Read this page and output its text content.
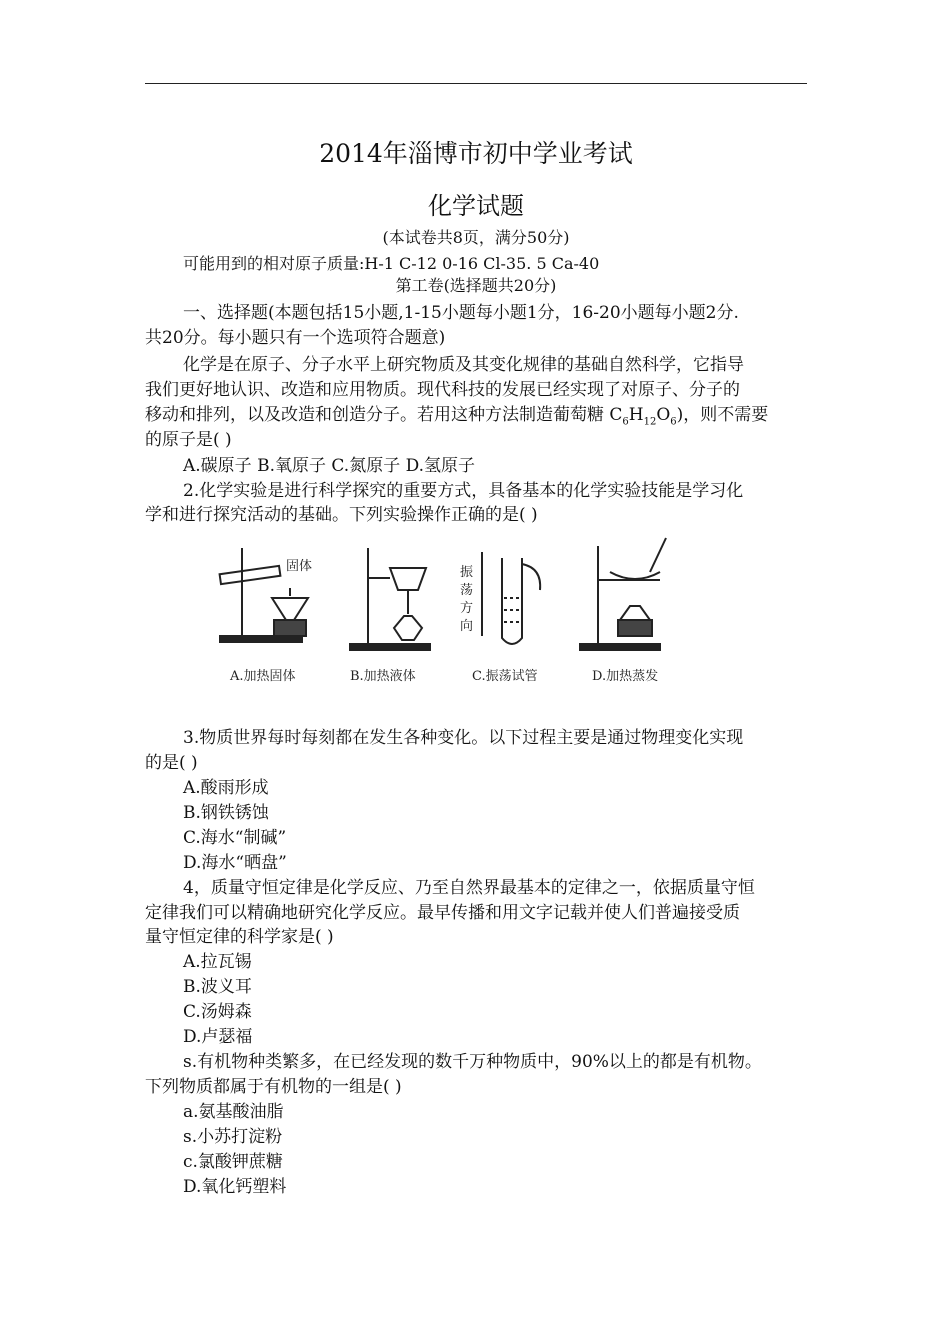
2014年淄博市初中学业考试
化学试题
(本试卷共8页，满分50分)
可能用到的相对原子质量:H-1 C-12 0-16 Cl-35. 5 Ca-40
第工卷(选择题共20分)
一、选择题(本题包括15小题,1-15小题每小题1分，16-20小题每小题2分.
共20分。每小题只有一个选项符合题意)
化学是在原子、分子水平上研究物质及其变化规律的基础自然科学，它指导
我们更好地认识、改造和应用物质。现代科技的发展已经实现了对原子、分子的
移动和排列，以及改造和创造分子。若用这种方法制造葡萄糖 $C_6H_{12}O_6$)，则不需要
的原子是( )
A.碳原子 B.氧原子 C.氮原子 D.氢原子
2.化学实验是进行科学探究的重要方式，具备基本的化学实验技能是学习化
学和进行探究活动的基础。下列实验操作正确的是( )
固体	振
荡
方
向
A.加热固体	B.加热液体	C.振荡试管	D.加热蒸发
3.物质世界每时每刻都在发生各种变化。以下过程主要是通过物理变化实现
的是( )
A.酸雨形成
B.钢铁锈蚀
C.海水“制碱”
D.海水“晒盘”
4，质量守恒定律是化学反应、乃至自然界最基本的定律之一，依据质量守恒
定律我们可以精确地研究化学反应。最早传播和用文字记载并使人们普遍接受质
量守恒定律的科学家是( )
A.拉瓦锡
B.波义耳
C.汤姆森
D.卢瑟福
s.有机物种类繁多，在已经发现的数千万种物质中，90%以上的都是有机物。
下列物质都属于有机物的一组是( )
a.氨基酸油脂
s.小苏打淀粉
c.氯酸钾蔗糖
D.氧化钙塑料
